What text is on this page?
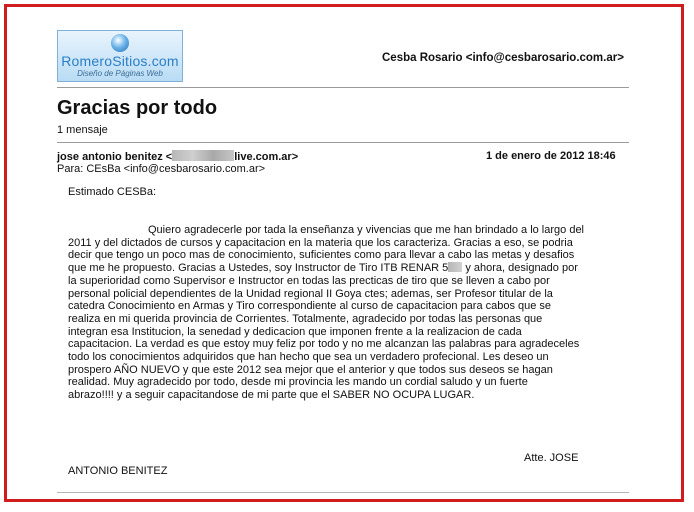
RomeroSitios.com
Diseño de Páginas Web
Cesba Rosario <info@cesbarosario.com.ar>
Gracias por todo
1 mensaje
jose antonio benitez <	live.com.ar>	1 de enero de 2012 18:46
Para: CEsBa <info@cesbarosario.com.ar>
Estimado CESBa:
Quiero agradecerle por tada la enseñanza y vivencias que me han brindado a lo largo del
2011 y del dictados de cursos y capacitacion en la materia que los caracteriza. Gracias a eso, se podria
decir que tengo un poco mas de conocimiento, suficientes como para llevar a cabo las metas y desafios
que me he propuesto. Gracias a Ustedes, soy Instructor de Tiro ITB RENAR 5 y ahora, designado por
la superioridad como Supervisor e Instructor en todas las precticas de tiro que se lleven a cabo por
personal policial dependientes de la Unidad regional II Goya ctes; ademas, ser Profesor titular de la
catedra Conocimiento en Armas y Tiro correspondiente al curso de capacitacion para cabos que se
realiza en mi querida provincia de Corrientes. Totalmente, agradecido por todas las personas que
integran esa Institucion, la senedad y dedicacion que imponen frente a la realizacion de cada
capacitacion. La verdad es que estoy muy feliz por todo y no me alcanzan las palabras para agradeceles
todo los conocimientos adquiridos que han hecho que sea un verdadero profecional. Les deseo un
prospero AÑO NUEVO y que este 2012 sea mejor que el anterior y que todos sus deseos se hagan
realidad. Muy agradecido por todo, desde mi provincia les mando un cordial saludo y un fuerte
abrazo!!!! y a seguir capacitandose de mi parte que el SABER NO OCUPA LUGAR.
Atte. JOSE
ANTONIO BENITEZ
